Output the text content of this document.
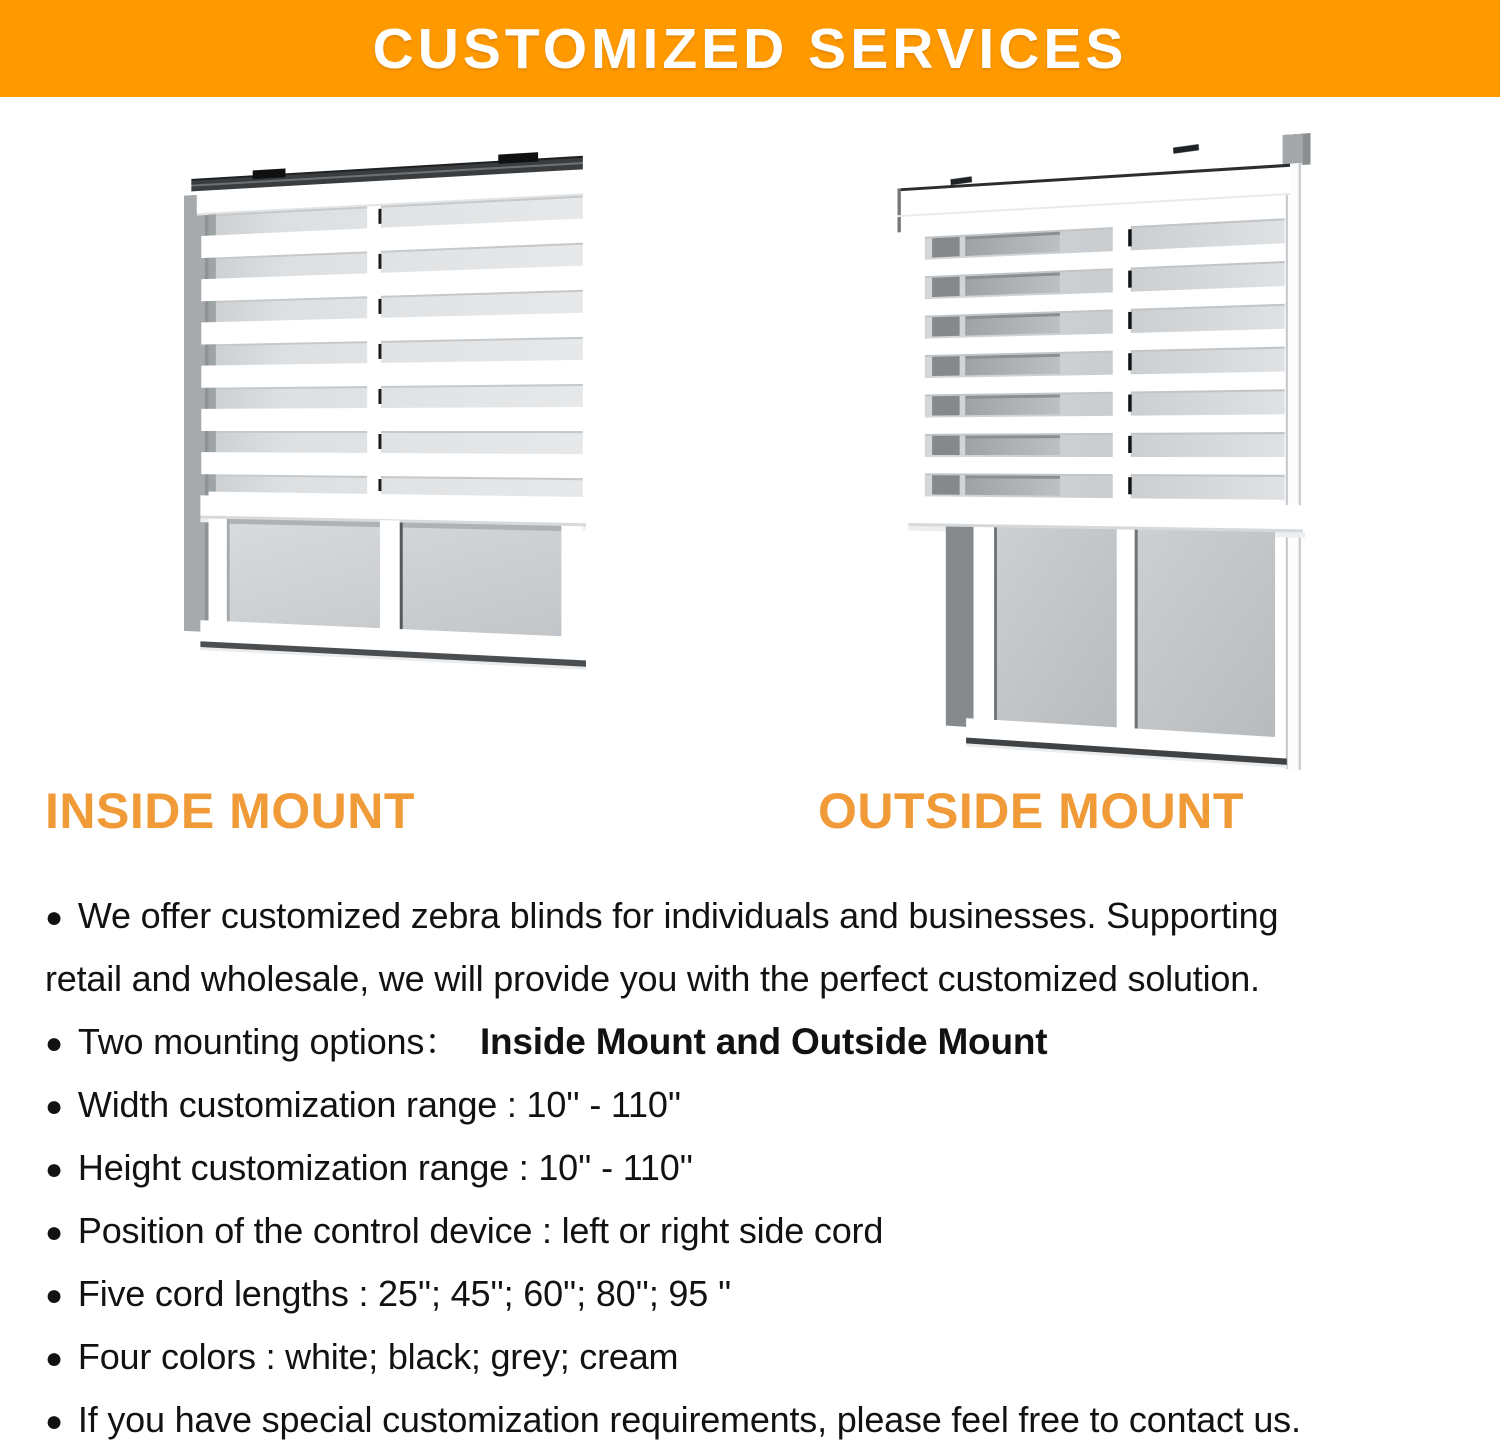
CUSTOMIZED SERVICES
INSIDE MOUNT	OUTSIDE MOUNT
● We offer customized zebra blinds for individuals and businesses. Supporting
retail and wholesale, we will provide you with the perfect customized solution.
● Two mounting options： Inside Mount and Outside Mount
● Width customization range : 10'' - 110''
● Height customization range : 10'' - 110''
● Position of the control device : left or right side cord
● Five cord lengths : 25''; 45''; 60''; 80''; 95 ''
● Four colors : white; black; grey; cream
● If you have special customization requirements, please feel free to contact us.
